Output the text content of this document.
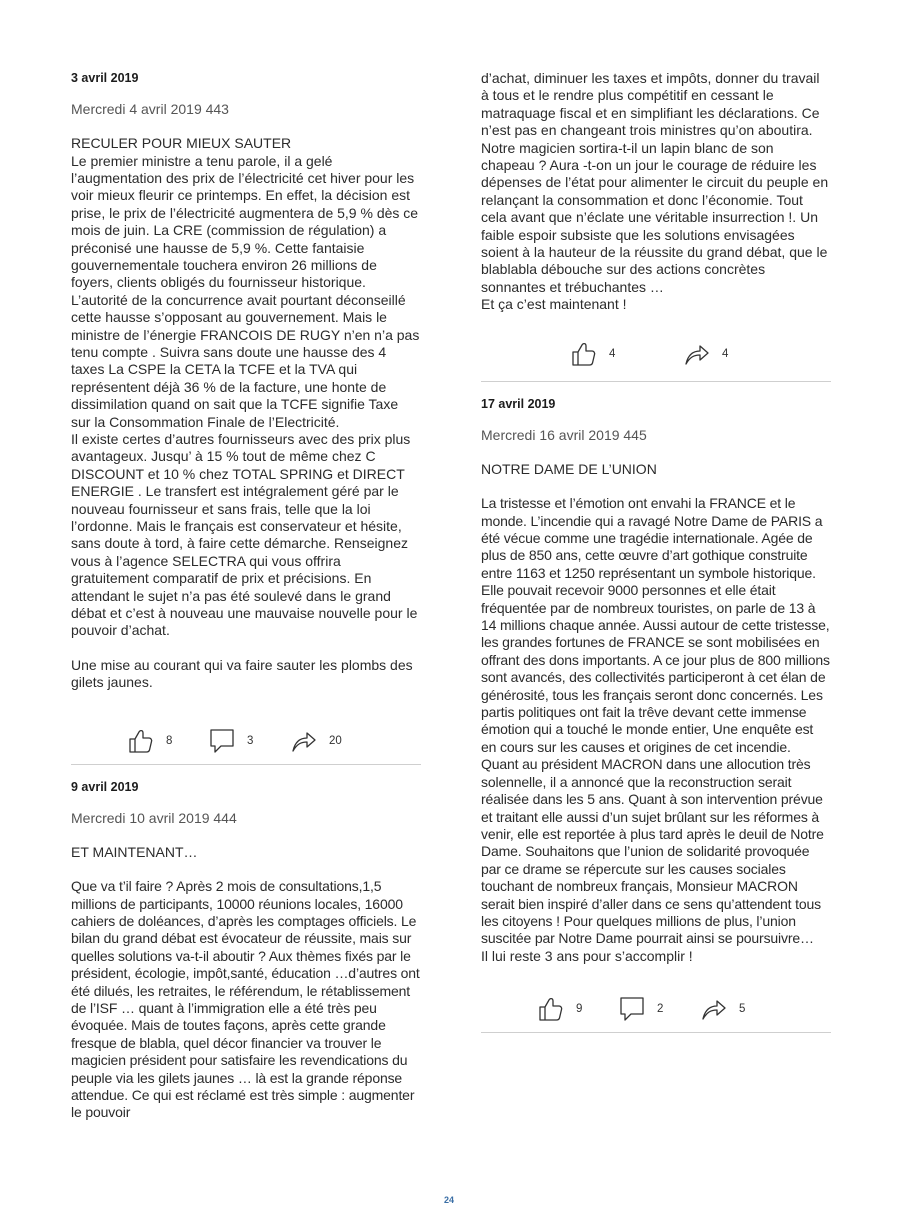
3 avril 2019

Mercredi 4 avril 2019 443

RECULER POUR MIEUX SAUTER

Le premier ministre a tenu parole, il a gelé l’augmentation des prix de l’électricité cet hiver pour les voir mieux fleurir ce printemps. En effet, la décision est prise, le prix de l’électricité augmentera de 5,9 % dès ce mois de juin. La CRE (commission de régulation) a préconisé une hausse de 5,9 %. Cette fantaisie gouvernementale touchera environ 26 millions de foyers, clients obligés du fournisseur historique. L’autorité de la concurrence avait pourtant déconseillé cette hausse s’opposant au gouvernement. Mais le ministre de l’énergie FRANCOIS DE RUGY n’en n’a pas tenu compte . Suivra sans doute une hausse des 4 taxes La CSPE la CETA la TCFE et la TVA qui représentent déjà 36 % de la facture, une honte de dissimilation quand on sait que la TCFE signifie Taxe sur la Consommation Finale de l’Electricité.
Il existe certes d’autres fournisseurs avec des prix plus avantageux. Jusqu’ à 15 % tout de même chez C DISCOUNT et 10 % chez TOTAL SPRING et DIRECT ENERGIE . Le transfert est intégralement géré par le nouveau fournisseur et sans frais, telle que la loi l’ordonne. Mais le français est conservateur et hésite, sans doute à tord, à faire cette démarche. Renseignez vous à l’agence SELECTRA qui vous offrira gratuitement comparatif de prix et précisions. En attendant le sujet n’a pas été soulevé dans le grand débat et c’est à nouveau une mauvaise nouvelle pour le pouvoir d’achat.

Une mise au courant qui va faire sauter les plombs des gilets jaunes.

8	3	20

9 avril 2019

Mercredi 10 avril 2019 444

ET MAINTENANT…

Que va t’il faire ? Après 2 mois de consultations,1,5 millions de participants, 10000 réunions locales, 16000 cahiers de doléances, d’après les comptages officiels. Le bilan du grand débat est évocateur de réussite, mais sur quelles solutions va-t-il aboutir ? Aux thèmes fixés par le président, écologie, impôt,santé, éducation …d’autres ont été dilués, les retraites, le référendum, le rétablissement de l’ISF … quant à l’immigration elle a été très peu évoquée. Mais de toutes façons, après cette grande fresque de blabla, quel décor financier va trouver le magicien président pour satisfaire les revendications du peuple via les gilets jaunes … là est la grande réponse attendue. Ce qui est réclamé est très simple : augmenter le pouvoir

d’achat, diminuer les taxes et impôts, donner du travail à tous et le rendre plus compétitif en cessant le matraquage fiscal et en simplifiant les déclarations. Ce n’est pas en changeant trois ministres qu’on aboutira. Notre magicien sortira-t-il un lapin blanc de son chapeau ? Aura -t-on un jour le courage de réduire les dépenses de l’état pour alimenter le circuit du peuple en relançant la consommation et donc l’économie. Tout cela avant que n’éclate une véritable insurrection !. Un faible espoir subsiste que les solutions envisagées soient à la hauteur de la réussite du grand débat, que le blablabla débouche sur des actions concrètes sonnantes et trébuchantes …

Et ça c’est maintenant !

4	4

17 avril 2019

Mercredi 16 avril 2019 445

NOTRE DAME DE L’UNION

La tristesse et l’émotion ont envahi la FRANCE et le monde. L’incendie qui a ravagé Notre Dame de PARIS a été vécue comme une tragédie internationale. Agée de plus de 850 ans, cette œuvre d’art gothique construite entre 1163 et 1250 représentant un symbole historique. Elle pouvait recevoir 9000 personnes et elle était fréquentée par de nombreux touristes, on parle de 13 à 14 millions chaque année. Aussi autour de cette tristesse, les grandes fortunes de FRANCE se sont mobilisées en offrant des dons importants. A ce jour plus de 800 millions sont avancés, des collectivités participeront à cet élan de générosité, tous les français seront donc concernés. Les partis politiques ont fait la trêve devant cette immense émotion qui a touché le monde entier, Une enquête est en cours sur les causes et origines de cet incendie. Quant au président MACRON dans une allocution très solennelle, il a annoncé que la reconstruction serait réalisée dans les 5 ans. Quant à son intervention prévue et traitant elle aussi d’un sujet brûlant sur les réformes à venir, elle est reportée à plus tard après le deuil de Notre Dame. Souhaitons que l’union de solidarité provoquée par ce drame se répercute sur les causes sociales touchant de nombreux français, Monsieur MACRON serait bien inspiré d’aller dans ce sens qu’attendent tous les citoyens ! Pour quelques millions de plus, l’union suscitée par Notre Dame pourrait ainsi se poursuivre…

Il lui reste 3 ans pour s’accomplir !

9	2	5
24
